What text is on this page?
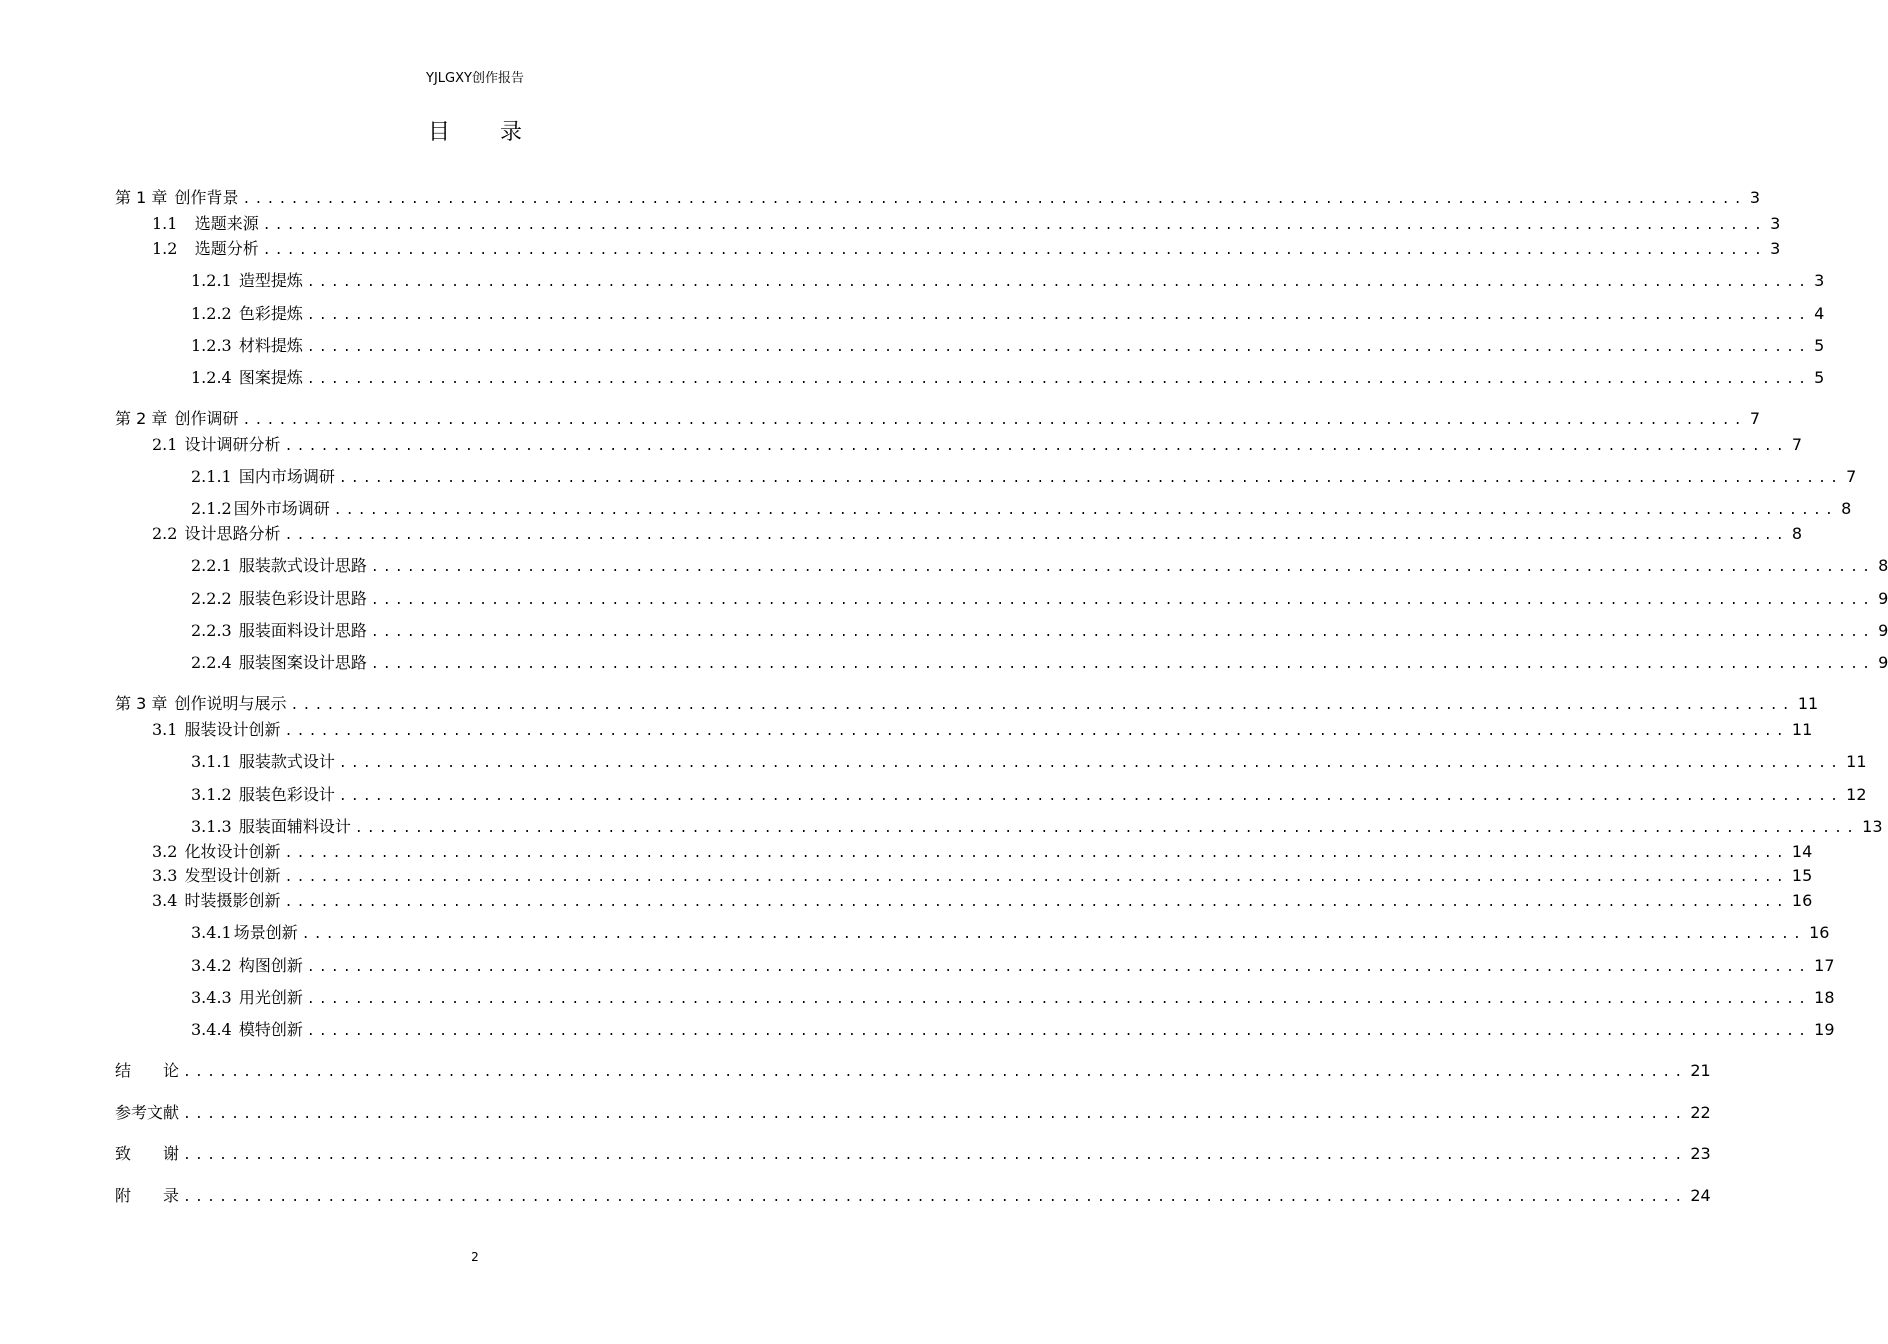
YJLGXY创作报告
目 录
第 1 章
创作背景 ............................................................................................................................. 3
1.1
选题来源 ............................................................................................................................. 3
1.2
选题分析 ............................................................................................................................. 3
1.2.1
造型提炼 ............................................................................................................................. 3
1.2.2
色彩提炼 ............................................................................................................................. 4
1.2.3
材料提炼 ............................................................................................................................. 5
1.2.4
图案提炼 ............................................................................................................................. 5
第 2 章
创作调研 ............................................................................................................................. 7
2.1
设计调研分析 ............................................................................................................................. 7
2.1.1
国内市场调研 ............................................................................................................................. 7
2.1.2 国外市场调研 ............................................................................................................................. 8
2.2
设计思路分析 ............................................................................................................................. 8
2.2.1
服装款式设计思路 ............................................................................................................................. 8
2.2.2
服装色彩设计思路 ............................................................................................................................. 9
2.2.3
服装面料设计思路 ............................................................................................................................. 9
2.2.4
服装图案设计思路 ............................................................................................................................. 9
第 3 章
创作说明与展示 ............................................................................................................................. 11
3.1
服装设计创新 ............................................................................................................................. 11
3.1.1
服装款式设计 ............................................................................................................................. 11
3.1.2
服装色彩设计 ............................................................................................................................. 12
3.1.3
服装面辅料设计 ............................................................................................................................. 13
3.2
化妆设计创新 ............................................................................................................................. 14
3.3
发型设计创新 ............................................................................................................................. 15
3.4
时装摄影创新 ............................................................................................................................. 16
3.4.1 场景创新 ............................................................................................................................. 16
3.4.2
构图创新 ............................................................................................................................. 17
3.4.3
用光创新 ............................................................................................................................. 18
3.4.4
模特创新 ............................................................................................................................. 19
结　　论 ............................................................................................................................. 21
参考文献 ............................................................................................................................. 22
致　　谢 ............................................................................................................................. 23
附　　录 ............................................................................................................................. 24
2
